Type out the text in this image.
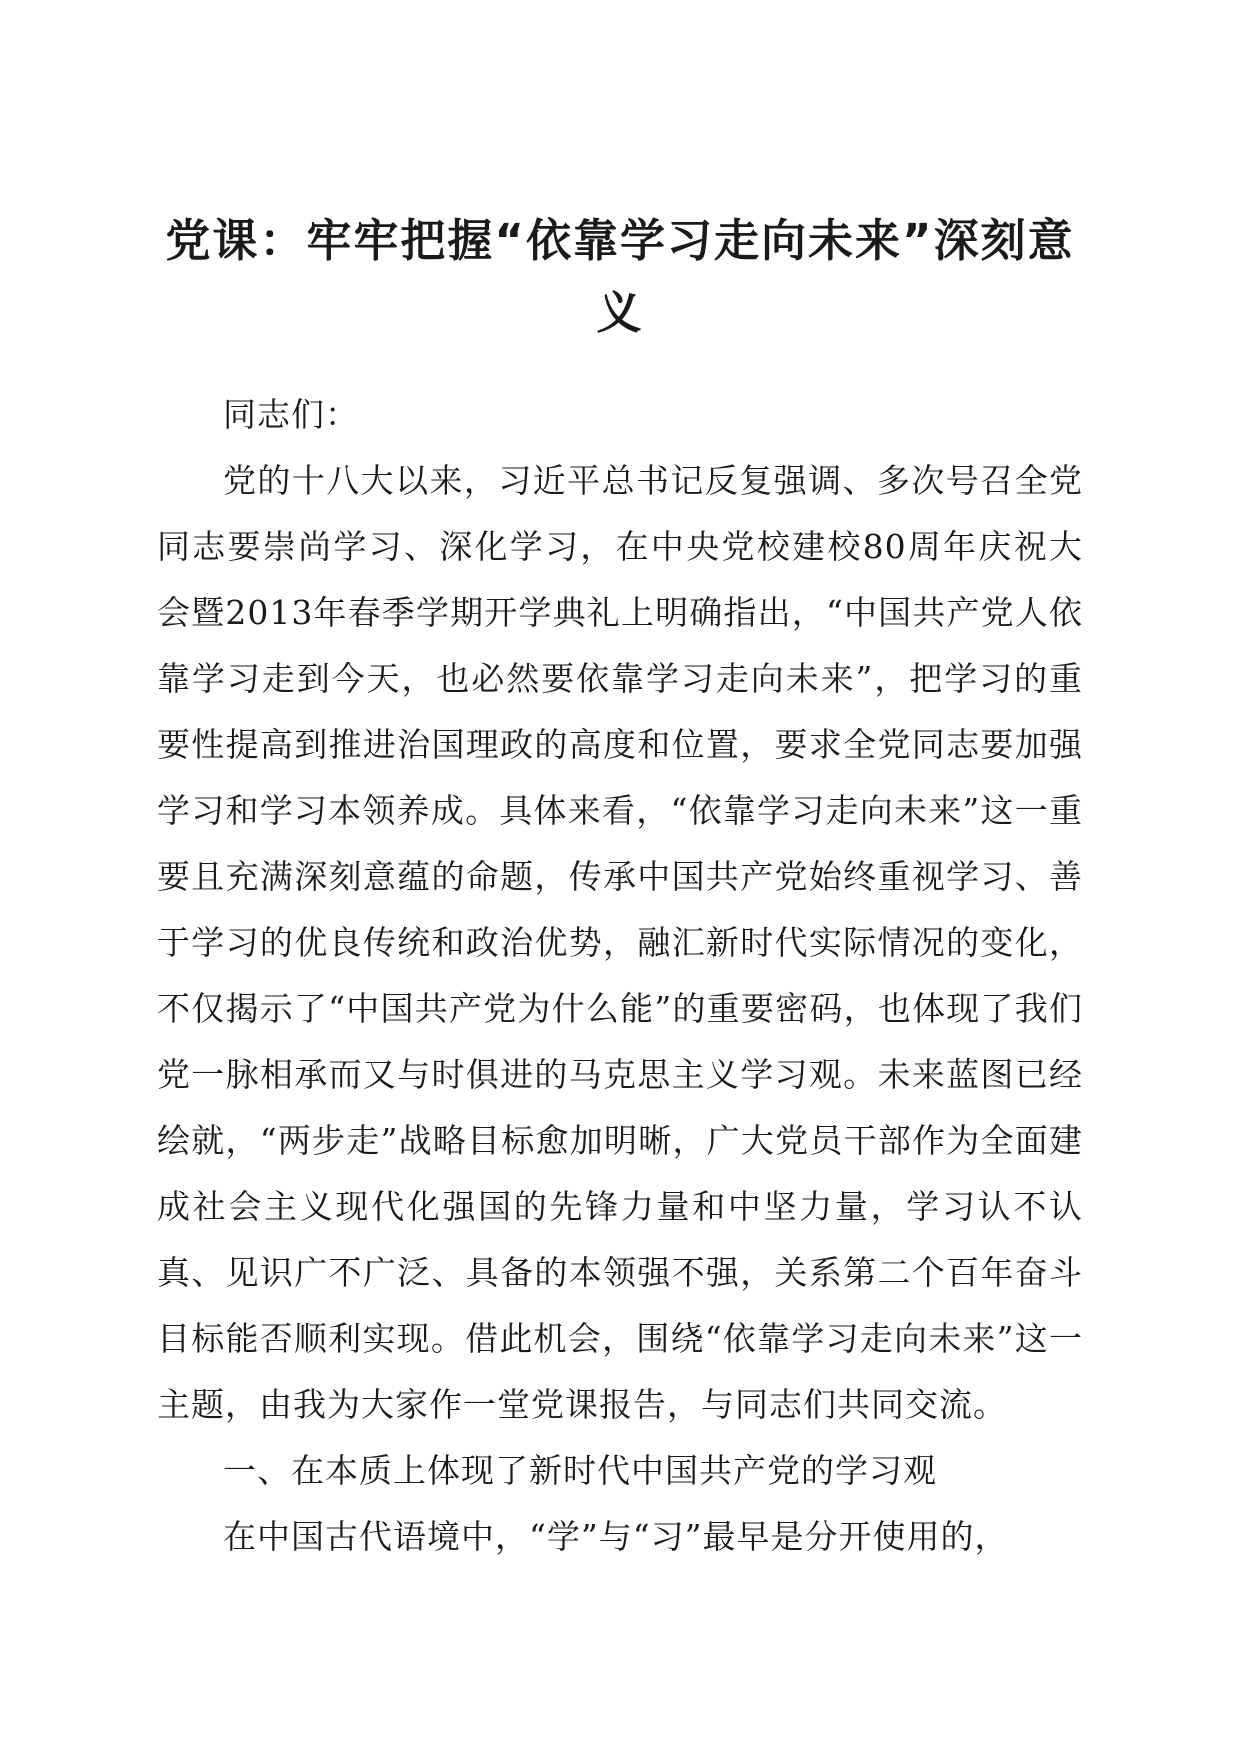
党课：牢牢把握“依靠学习走向未来”深刻意义

同志们：

党的十八大以来，习近平总书记反复强调、多次号召全党同志要崇尚学习、深化学习，在中央党校建校80周年庆祝大会暨2013年春季学期开学典礼上明确指出，“中国共产党人依靠学习走到今天，也必然要依靠学习走向未来”，把学习的重要性提高到推进治国理政的高度和位置，要求全党同志要加强学习和学习本领养成。具体来看，“依靠学习走向未来”这一重要且充满深刻意蕴的命题，传承中国共产党始终重视学习、善于学习的优良传统和政治优势，融汇新时代实际情况的变化，不仅揭示了“中国共产党为什么能”的重要密码，也体现了我们党一脉相承而又与时俱进的马克思主义学习观。未来蓝图已经绘就，“两步走”战略目标愈加明晰，广大党员干部作为全面建成社会主义现代化强国的先锋力量和中坚力量，学习认不认真、见识广不广泛、具备的本领强不强，关系第二个百年奋斗目标能否顺利实现。借此机会，围绕“依靠学习走向未来”这一主题，由我为大家作一堂党课报告，与同志们共同交流。

一、在本质上体现了新时代中国共产党的学习观

在中国古代语境中，“学”与“习”最早是分开使用的，
